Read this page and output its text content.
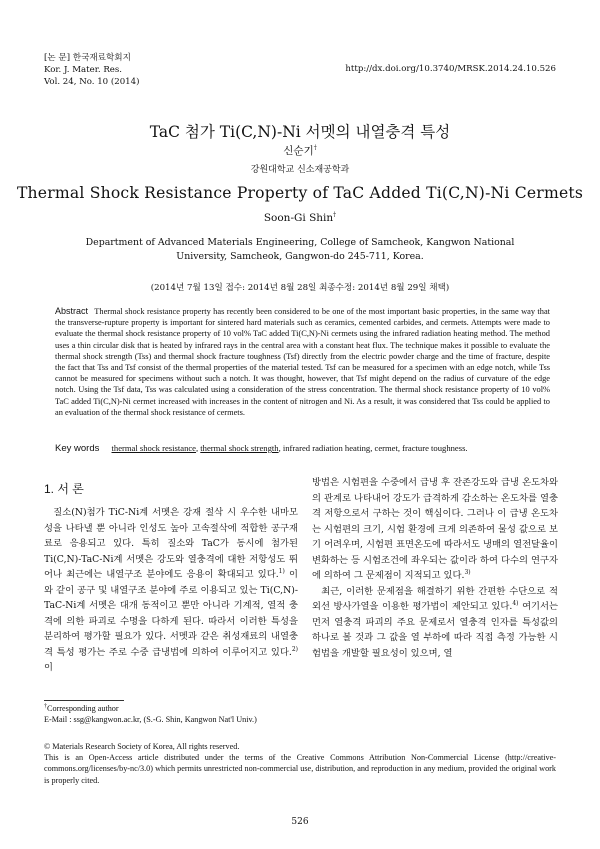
[논 문] 한국재료학회지
Kor. J. Mater. Res.
Vol. 24, No. 10 (2014)
http://dx.doi.org/10.3740/MRSK.2014.24.10.526
TaC 첨가 Ti(C,N)-Ni 서멧의 내열충격 특성
신순기†
강원대학교 신소재공학과
Thermal Shock Resistance Property of TaC Added Ti(C,N)-Ni Cermets
Soon-Gi Shin†
Department of Advanced Materials Engineering, College of Samcheok, Kangwon National University, Samcheok, Gangwon-do 245-711, Korea.
(2014년 7월 13일 접수: 2014년 8월 28일 최종수정: 2014년 8월 29일 채택)
Abstract Thermal shock resistance property has recently been considered to be one of the most important basic properties, in the same way that the transverse-rupture property is important for sintered hard materials such as ceramics, cemented carbides, and cermets. Attempts were made to evaluate the thermal shock resistance property of 10 vol% TaC added Ti(C,N)-Ni cermets using the infrared radiation heating method. The method uses a thin circular disk that is heated by infrared rays in the central area with a constant heat flux. The technique makes it possible to evaluate the thermal shock strength (Tss) and thermal shock fracture toughness (Tsf) directly from the electric powder charge and the time of fracture, despite the fact that Tss and Tsf consist of the thermal properties of the material tested. Tsf can be measured for a specimen with an edge notch, while Tss cannot be measured for specimens without such a notch. It was thought, however, that Tsf might depend on the radius of curvature of the edge notch. Using the Tsf data, Tss was calculated using a consideration of the stress concentration. The thermal shock resistance property of 10 vol% TaC added Ti(C,N)-Ni cermet increased with increases in the content of nitrogen and Ni. As a result, it was considered that Tss could be applied to an evaluation of the thermal shock resistance of cermets.
Key words thermal shock resistance, thermal shock strength, infrared radiation heating, cermet, fracture toughness.
1. 서 론
질소(N)첨가 TiC-Ni계 서멧은 강재 절삭 시 우수한 내마모성을 나타낼 뿐 아니라 인성도 높아 고속절삭에 적합한 공구재료로 응용되고 있다. 특히 질소와 TaC가 동시에 첨가된 Ti(C,N)-TaC-Ni계 서멧은 강도와 열충격에 대한 저항성도 뛰어나 최근에는 내열구조 분야에도 응용이 확대되고 있다.$^{1)}$ 이와 같이 공구 및 내열구조 분야에 주로 이용되고 있는 Ti(C,N)-TaC-Ni계 서멧은 대개 동적이고 뿐만 아니라 기계적, 열적 충격에 의한 파괴로 수명을 다하게 된다. 따라서 이러한 특성을 분리하여 평가할 필요가 있다. 서멧과 같은 취성재료의 내열충격 특성 평가는 주로 수중 급냉법에 의하여 이루어지고 있다.$^{2)}$ 이
방법은 시험편을 수중에서 급냉 후 잔존강도와 급냉 온도차와의 관계로 나타내어 강도가 급격하게 감소하는 온도차를 열충격 저항으로서 구하는 것이 핵심이다. 그러나 이 급냉 온도차는 시험편의 크기, 시험 환경에 크게 의존하여 물성 값으로 보기 어려우며, 시험편 표면온도에 따라서도 냉매의 열전달율이 변화하는 등 시험조건에 좌우되는 값이라 하여 다수의 연구자에 의하여 그 문제점이 지적되고 있다.$^{3)}$
최근, 이러한 문제점을 해결하기 위한 간편한 수단으로 적외선 방사가열을 이용한 평가법이 제안되고 있다.$^{4)}$ 여기서는 먼저 열충격 파괴의 주요 문제로서 열충격 인자를 특성값의 하나로 볼 것과 그 값을 열 부하에 따라 직접 측정 가능한 시험법을 개발할 필요성이 있으며, 열
†Corresponding author
E-Mail : ssg@kangwon.ac.kr, (S.-G. Shin, Kangwon Nat'l Univ.)
© Materials Research Society of Korea, All rights reserved.
This is an Open-Access article distributed under the terms of the Creative Commons Attribution Non-Commercial License (http://creative-commons.org/licenses/by-nc/3.0) which permits unrestricted non-commercial use, distribution, and reproduction in any medium, provided the original work is properly cited.
526
